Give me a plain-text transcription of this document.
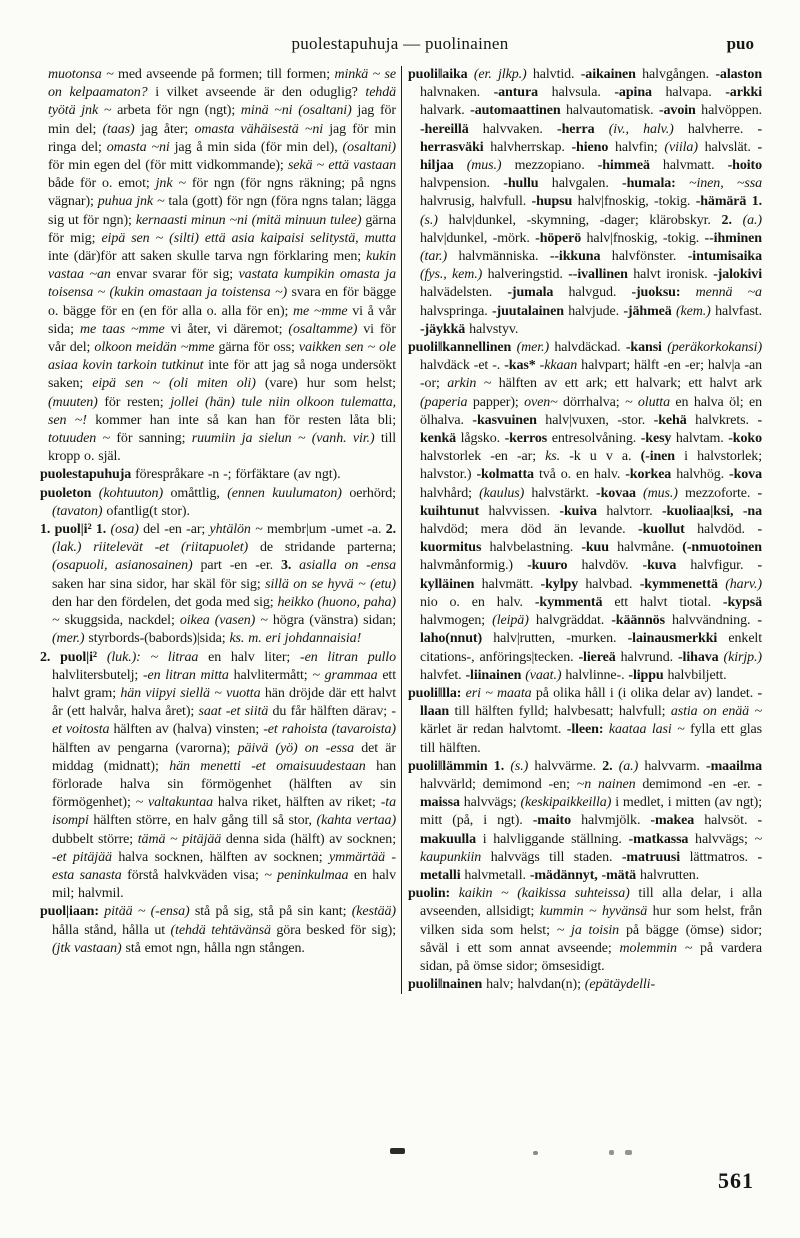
puolestapuhuja — puolinainen	puo

muotonsa ~ med avseende på formen; till formen; minkä ~ se on kelpaamaton? i vilket avseende är den oduglig? tehdä työtä jnk ~ arbeta för ngn (ngt); minä ~ni (osaltani) jag för min del; (taas) jag åter; omasta vähäisestä ~ni jag för min ringa del; omasta ~ni jag å min sida (för min del), (osaltani) för min egen del (för mitt vidkommande); sekä ~ että vastaan både för o. emot; jnk ~ för ngn (för ngns räkning; på ngns vägnar); puhua jnk ~ tala (gott) för ngn (föra ngns talan; lägga sig ut för ngn); kernaasti minun ~ni (mitä minuun tulee) gärna för mig; eipä sen ~ (silti) että asia kaipaisi selitystä, mutta inte (där)för att saken skulle tarva ngn förklaring men; kukin vastaa ~an envar svarar för sig; vastata kumpikin omasta ja toisensa ~ (kukin omastaan ja toistensa ~) svara en för bägge o. bägge för en (en för alla o. alla för en); me ~mme vi å vår sida; me taas ~mme vi åter, vi däremot; (osaltamme) vi för vår del; olkoon meidän ~mme gärna för oss; vaikken sen ~ ole asiaa kovin tarkoin tutkinut inte för att jag så noga undersökt saken; eipä sen ~ (oli miten oli) (vare) hur som helst; (muuten) för resten; jollei (hän) tule niin olkoon tulematta, sen ~! kommer han inte så kan han för resten låta bli; totuuden ~ för sanning; ruumiin ja sielun ~ (vanh. vir.) till kropp o. själ.

puolestapuhuja förespråkare -n -; förfäktare (av ngt).

puoleton (kohtuuton) omåttlig, (ennen kuulumaton) oerhörd; (tavaton) ofantlig(t stor).

1. puol|i² 1. (osa) del -en -ar; yhtälön ~ membr|um -umet -a. 2. (lak.) riitelevät -et (riitapuolet) de stridande parterna; (osapuoli, asianosainen) part -en -er. 3. asialla on -ensa saken har sina sidor, har skäl för sig; sillä on se hyvä ~ (etu) den har den fördelen, det goda med sig; heikko (huono, paha) ~ skuggsida, nackdel; oikea (vasen) ~ högra (vänstra) sidan; (mer.) styrbords-(babords)|sida; ks. m. eri johdannaisia!

2. puol|i² (luk.): ~ litraa en halv liter; -en litran pullo halvlitersbutelj; -en litran mitta halvlitermått; ~ grammaa ett halvt gram; hän viipyi siellä ~ vuotta hän dröjde där ett halvt år (ett halvår, halva året); saat -et siitä du får hälften därav; -et voitosta hälften av (halva) vinsten; -et rahoista (tavaroista) hälften av pengarna (varorna); päivä (yö) on -essa det är middag (midnatt); hän menetti -et omaisuudestaan han förlorade halva sin förmögenhet (hälften av sin förmögenhet); ~ valtakuntaa halva riket, hälften av riket; -ta isompi hälften större, en halv gång till så stor, (kahta vertaa) dubbelt större; tämä ~ pitäjää denna sida (hälft) av socknen; -et pitäjää halva socknen, hälften av socknen; ymmärtää -esta sanasta förstå halvkväden visa; ~ peninkulmaa en halv mil; halvmil.

puol|iaan: pitää ~ (-ensa) stå på sig, stå på sin kant; (kestää) hålla stånd, hålla ut (tehdä tehtävänsä göra besked för sig); (jtk vastaan) stå emot ngn, hålla ngn stången.

puoli‖aika (er. jlkp.) halvtid. -aikainen halvgången. -alaston halvnaken. -antura halvsula. -apina halvapa. -arkki halvark. -automaattinen halvautomatisk. -avoin halvöppen. -hereillä halvvaken. -herra (iv., halv.) halvherre. -herrasväki halvherrskap. -hieno halvfin; (viila) halvslät. -hiljaa (mus.) mezzopiano. -himmeä halvmatt. -hoito halvpension. -hullu halvgalen. -humala: ~inen, ~ssa halvrusig, halvfull. -hupsu halv|fnoskig, -tokig. -hämärä 1. (s.) halv|dunkel, -skymning, -dager; klärobskyr. 2. (a.) halv|dunkel, -mörk. -höperö halv|fnoskig, -tokig. --ihminen (tar.) halvmänniska. --ikkuna halvfönster. -intumisaika (fys., kem.) halveringstid. --ivallinen halvt ironisk. -jalokivi halvädelsten. -jumala halvgud. -juoksu: mennä ~a halvspringa. -juutalainen halvjude. -jähmeä (kem.) halvfast. -jäykkä halvstyv.

puoli‖kannellinen (mer.) halvdäckad. -kansi (peräkorkokansi) halvdäck -et -. -kas* -kkaan halvpart; hälft -en -er; halv|a -an -or; arkin ~ hälften av ett ark; ett halvark; ett halvt ark (paperia papper); oven~ dörrhalva; ~ olutta en halva öl; en ölhalva. -kasvuinen halv|vuxen, -stor. -kehä halvkrets. -kenkä lågsko. -kerros entresolvåning. -kesy halvtam. -koko halvstorlek -en -ar; ks. -k u v a. (-inen i halvstorlek; halvstor.) -kolmatta två o. en halv. -korkea halvhög. -kova halvhård; (kaulus) halvstärkt. -kovaa (mus.) mezzoforte. -kuihtunut halvvissen. -kuiva halvtorr. -kuoliaa|ksi, -na halvdöd; mera död än levande. -kuollut halvdöd. -kuormitus halvbelastning. -kuu halvmåne. (-nmuotoinen halvmånformig.) -kuuro halvdöv. -kuva halvfigur. -kylläinen halvmätt. -kylpy halvbad. -kymmenettä (harv.) nio o. en halv. -kymmentä ett halvt tiotal. -kypsä halvmogen; (leipä) halvgräddat. -käännös halvvändning. -laho(nnut) halv|rutten, -murken. -lainausmerkki enkelt citations-, anförings|tecken. -liereä halvrund. -lihava (kirjp.) halvfet. -liinainen (vaat.) halvlinne-. -lippu halvbiljett.

puoli‖lla: eri ~ maata på olika håll i (i olika delar av) landet. -llaan till hälften fylld; halvbesatt; halvfull; astia on enää ~ kärlet är redan halvtomt. -lleen: kaataa lasi ~ fylla ett glas till hälften.

puoli‖lämmin 1. (s.) halvvärme. 2. (a.) halvvarm. -maailma halvvärld; demimond -en; ~n nainen demimond -en -er. -maissa halvvägs; (keskipaikkeilla) i medlet, i mitten (av ngt); mitt (på, i ngt). -maito halvmjölk. -makea halvsöt. -makuulla i halvliggande ställning. -matkassa halvvägs; ~ kaupunkiin halvvägs till staden. -matruusi lättmatros. -metalli halvmetall. -mädännyt, -mätä halvrutten.

puolin: kaikin ~ (kaikissa suhteissa) till alla delar, i alla avseenden, allsidigt; kummin ~ hyvänsä hur som helst, från vilken sida som helst; ~ ja toisin på bägge (ömse) sidor; såväl i ett som annat avseende; molemmin ~ på vardera sidan, på ömse sidor; ömsesidigt.

puoli‖nainen halv; halvdan(n); (epätäydelli-

561
